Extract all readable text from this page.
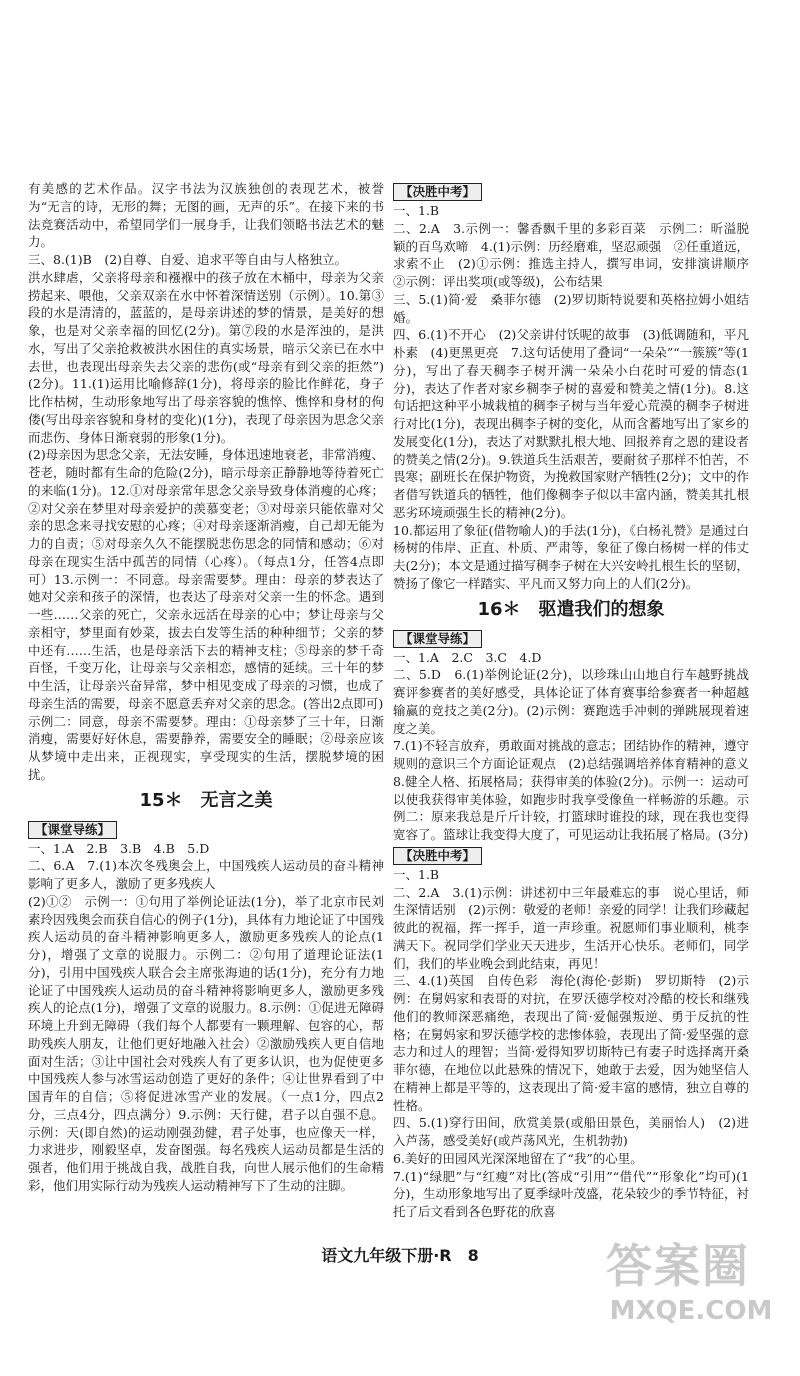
有美感的艺术作品。汉字书法为汉族独创的表现艺术，被誉为“无言的诗，无形的舞；无图的画，无声的乐”。在接下来的书法竞赛活动中，希望同学们一展身手，让我们领略书法艺术的魅力。

三、8.(1)B　(2)自尊、自爱、追求平等自由与人格独立。

洪水肆虐，父亲将母亲和襁褓中的孩子放在木桶中，母亲为父亲捞起来、喂他，父亲双亲在水中怀着深情送别（示例）。10.第③段的水是清清的，蓝蓝的，是母亲讲述的梦的情景，是美好的想象，也是对父亲幸福的回忆(2分)。第⑦段的水是浑浊的，是洪水，写出了父亲抢救被洪水困住的真实场景，暗示父亲已在水中去世，也表现出母亲失去父亲的悲伤(或“母亲有到父亲的拒然”)(2分)。11.(1)运用比喻修辞(1分)，将母亲的脸比作鲜花，身子比作枯树，生动形象地写出了母亲容貌的憔悴、憔悴和身材的佝偻(写出母亲容貌和身材的变化)(1分)，表现了母亲因为思念父亲而悲伤、身体日渐衰弱的形象(1分)。

(2)母亲因为思念父亲，无法安睡，身体迅速地衰老，非常消瘦、苍老，随时都有生命的危险(2分)，暗示母亲正静静地等待着死亡的来临(1分)。12.①对母亲常年思念父亲导致身体消瘦的心疼；②对父亲在梦里对母亲爱护的羡慕变老；③对母亲只能依靠对父亲的思念来寻找安慰的心疼；④对母亲逐渐消瘦，自己却无能为力的自责；⑤对母亲久久不能摆脱悲伤思念的同情和感动；⑥对母亲在现实生活中孤苦的同情（心疼）。（每点1分，任答4点即可）13.示例一：不同意。母亲需要梦。理由：母亲的梦表达了她对父亲和孩子的深情，也表达了母亲对父亲一生的怀念。遇到一些……父亲的死亡，父亲永远活在母亲的心中；梦让母亲与父亲相守，梦里面有妙菜，拔去白发等生活的种种细节；父亲的梦中还有……生活，也是母亲活下去的精神支柱；⑤母亲的梦千奇百怪，千变万化，让母亲与父亲相恋，感情的延续。三十年的梦中生活，让母亲兴奋异常，梦中相见变成了母亲的习惯，也成了母亲生活的需要，母亲不愿意丢弃对父亲的思念。(答出2点即可)

示例二：同意，母亲不需要梦。理由：①母亲梦了三十年，日渐消瘦，需要好好休息，需要静养，需要安全的睡眠；②母亲应该从梦境中走出来，正视现实，享受现实的生活，摆脱梦境的困扰。

15＊　无言之美
【课堂导练】

一、1.A　2.B　3.B　4.B　5.D

二、6.A　7.(1)本次冬残奥会上，中国残疾人运动员的奋斗精神影响了更多人，激励了更多残疾人

(2)①②　示例一：①句用了举例论证法(1分)，举了北京市民刘素玲因残奥会而获自信心的例子(1分)，具体有力地论证了中国残疾人运动员的奋斗精神影响更多人，激励更多残疾人的论点(1分)，增强了文章的说服力。示例二：②句用了道理论证法(1分)，引用中国残疾人联合会主席张海迪的话(1分)，充分有力地论证了中国残疾人运动员的奋斗精神将影响更多人，激励更多残疾人的论点(1分)，增强了文章的说服力。8.示例：①促进无障碍环境上升到无障碍（我们每个人都要有一颗理解、包容的心，帮助残疾人朋友，让他们更好地融入社会）②激励残疾人更自信地面对生活；③让中国社会对残疾人有了更多认识，也为促使更多中国残疾人参与冰雪运动创造了更好的条件；④让世界看到了中国青年的自信；⑤将促进冰雪产业的发展。（一点1分，四点2分，三点4分，四点满分）9.示例：天行健，君子以自强不息。示例：天(即自然)的运动刚强劲健，君子处事，也应像天一样，力求进步，刚毅坚卓，发奋图强。每名残疾人运动员都是生活的强者，他们用于挑战自我，战胜自我，向世人展示他们的生命精彩，他们用实际行动为残疾人运动精神写下了生动的注脚。

【决胜中考】

一、1.B

二、2.A　3.示例一：馨香飘千里的多彩百菜　示例二：昕溢脱颖的百鸟欢啼　4.(1)示例：历经磨难，坚忍顽强　②任重道远，求索不止　(2)①示例：推选主持人，撰写串词，安排演讲顺序　②示例：评出奖项(或等级)，公布结果

三、5.(1)简·爱　桑菲尔德　(2)罗切斯特说要和英格拉姆小姐结婚。

四、6.(1)不开心　(2)父亲讲付饫呢的故事　(3)低调随和，平凡朴素　(4)更黑更亮　7.这句话使用了叠词“一朵朵”“一簇簇”等(1分)，写出了春天稠李子树开满一朵朵小白花时可爱的情态(1分)，表达了作者对家乡稠李子树的喜爱和赞美之情(1分)。8.这句话把这种平小城栽植的稠李子树与当年爱心荒漠的稠李子树进行对比(1分)，表现出稠李子树的变化，从而含蓄地写出了家乡的发展变化(1分)，表达了对默默扎根大地、回报养育之恩的建设者的赞美之情(2分)。9.铁道兵生活艰苦，要耐贫子那样不怕苦，不畏寒；副班长在保护物资，为挽救国家财产牺牲(2分)；文中的作者借写铁道兵的牺牲，他们像稠李子似以丰富内涵，赞美其扎根恶劣环境顽强生长的精神(2分)。

10.都运用了象征(借物喻人)的手法(1分)，《白杨礼赞》是通过白杨树的伟岸、正直、朴质、严肃等，象征了像白杨树一样的伟丈夫(2分)；本文是通过描写稠李子树在大兴安岭扎根生长的坚韧，赞扬了像它一样踏实、平凡而又努力向上的人们(2分)。

16＊　驱遣我们的想象
【课堂导练】

一、1.A　2.C　3.C　4.D

二、5.D　6.(1)举例论证(2分)，以珍珠山山地自行车越野挑战赛评参赛者的美好感受，具体论证了体育赛事给参赛者一种超越输赢的竞技之美(2分)。(2)示例：赛跑选手冲刺的弹跳展现着速度之美。

7.(1)不轻言放弃，勇敢面对挑战的意志；团结协作的精神，遵守规则的意识三个方面论证观点　(2)总结强调培养体育精神的意义　8.健全人格、拓展格局；获得审美的体验(2分)。示例一：运动可以使我获得审美体验，如跑步时我享受像鱼一样畅游的乐趣。示例二：原来我总是斤斤计较，打篮球时谁投的球，现在我也变得宽容了。篮球让我变得大度了，可见运动让我拓展了格局。(3分)

【决胜中考】

一、1.B

二、2.A　3.(1)示例：讲述初中三年最难忘的事　说心里话，师生深情话别　(2)示例：敬爱的老师！亲爱的同学！让我们珍藏起彼此的祝福，挥一挥手，道一声珍重。祝愿师们事业顺利，桃李满天下。祝同学们学业天天进步，生活开心快乐。老师们，同学们，我们的毕业晚会到此结束，再见！

三、4.(1)英国　自传色彩　海伦(海伦·彭斯)　罗切斯特　(2)示例：在舅妈家和表哥的对抗，在罗沃德学校对冷酷的校长和继残他们的教师深恶痛绝，表现出了简·爱倔强叛逆、勇于反抗的性格；在舅妈家和罗沃德学校的悲惨体验，表现出了简·爱坚强的意志力和过人的理智；当简·爱得知罗切斯特已有妻子时选择离开桑菲尔德，在地位以此悬殊的情况下，她敢于去爱，因为她坚信人在精神上都是平等的，这表现出了简·爱丰富的感情，独立自尊的性格。

四、5.(1)穿行田间，欣赏美景(或船田景色，美丽怡人)　(2)进入芦荡，感受美好(或芦荡风光，生机勃勃)

6.美好的田园风光深深地留在了“我”的心里。

7.(1)“绿肥”与“红瘦”对比(答成“引用”“借代”“形象化”均可)(1分)，生动形象地写出了夏季绿叶茂盛，花朵较少的季节特征，衬托了后文看到各色野花的欣喜

语文九年级下册·R　8	答案圈
MXQE.COM
